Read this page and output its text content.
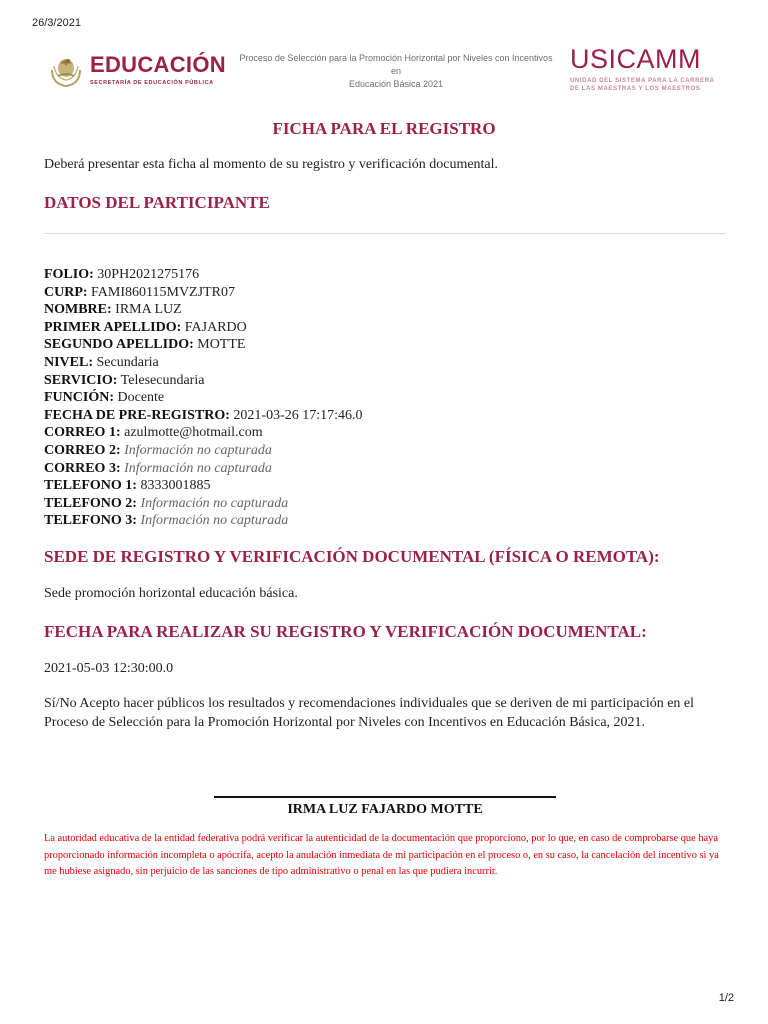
26/3/2021
EDUCACIÓN
SECRETARÍA DE EDUCACIÓN PÚBLICA
Proceso de Selección para la Promoción Horizontal por Niveles con Incentivos en
Educación Básica 2021
USICAMM
UNIDAD DEL SISTEMA PARA LA CARRERA
DE LAS MAESTRAS Y LOS MAESTROS
FICHA PARA EL REGISTRO
Deberá presentar esta ficha al momento de su registro y verificación documental.
DATOS DEL PARTICIPANTE
FOLIO: 30PH2021275176
CURP: FAMI860115MVZJTR07
NOMBRE: IRMA LUZ
PRIMER APELLIDO: FAJARDO
SEGUNDO APELLIDO: MOTTE
NIVEL: Secundaria
SERVICIO: Telesecundaria
FUNCIÓN: Docente
FECHA DE PRE-REGISTRO: 2021-03-26 17:17:46.0
CORREO 1: azulmotte@hotmail.com
CORREO 2: Información no capturada
CORREO 3: Información no capturada
TELEFONO 1: 8333001885
TELEFONO 2: Información no capturada
TELEFONO 3: Información no capturada
SEDE DE REGISTRO Y VERIFICACIÓN DOCUMENTAL (FÍSICA O REMOTA):
Sede promoción horizontal educación básica.
FECHA PARA REALIZAR SU REGISTRO Y VERIFICACIÓN DOCUMENTAL:
2021-05-03 12:30:00.0
Sí/No Acepto hacer públicos los resultados y recomendaciones individuales que se deriven de mi participación en el Proceso de Selección para la Promoción Horizontal por Niveles con Incentivos en Educación Básica, 2021.
IRMA LUZ FAJARDO MOTTE
La autoridad educativa de la entidad federativa podrá verificar la autenticidad de la documentación que proporciono, por lo que, en caso de comprobarse que haya proporcionado información incompleta o apócrifa, acepto la anulación inmediata de mi participación en el proceso o, en su caso, la cancelación del incentivo si ya me hubiese asignado, sin perjuicio de las sanciones de tipo administrativo o penal en las que pudiera incurrir.
1/2
